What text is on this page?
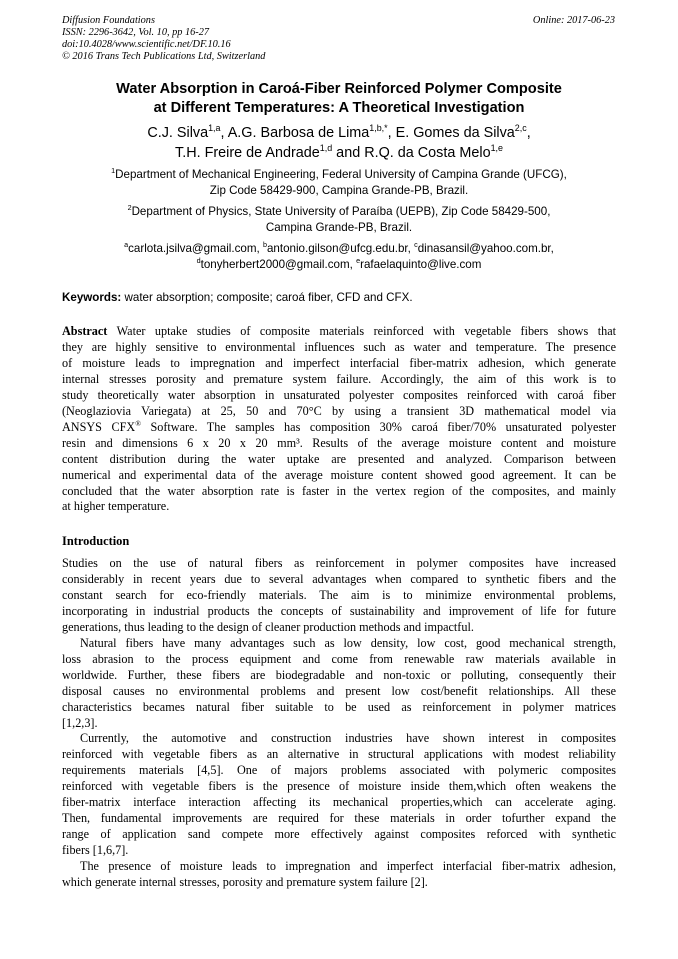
Diffusion Foundations
ISSN: 2296-3642, Vol. 10, pp 16-27
doi:10.4028/www.scientific.net/DF.10.16
© 2016 Trans Tech Publications Ltd, Switzerland
Online: 2017-06-23
Water Absorption in Caroá-Fiber Reinforced Polymer Composite
at Different Temperatures: A Theoretical Investigation
C.J. Silva$^{1,a}$, A.G. Barbosa de Lima$^{1,b,*}$, E. Gomes da Silva$^{2,c}$,
T.H. Freire de Andrade$^{1,d}$ and R.Q. da Costa Melo$^{1,e}$
$^1$Department of Mechanical Engineering, Federal University of Campina Grande (UFCG),
Zip Code 58429-900, Campina Grande-PB, Brazil.
$^2$Department of Physics, State University of Paraíba (UEPB), Zip Code 58429-500,
Campina Grande-PB, Brazil.
$^a$carlota.jsilva@gmail.com, $^b$antonio.gilson@ufcg.edu.br, $^c$dinasansil@yahoo.com.br,
$^d$tonyherbert2000@gmail.com, $^e$rafaelaquinto@live.com
Keywords: water absorption; composite; caroá fiber, CFD and CFX.
Abstract Water uptake studies of composite materials reinforced with vegetable fibers shows that
they are highly sensitive to environmental influences such as water and temperature. The presence
of moisture leads to impregnation and imperfect interfacial fiber-matrix adhesion, which generate
internal stresses porosity and premature system failure. Accordingly, the aim of this work is to
study theoretically water absorption in unsaturated polyester composites reinforced with caroá fiber
(Neoglaziovia Variegata) at 25, 50 and 70°C by using a transient 3D mathematical model via
ANSYS CFX® Software. The samples has composition 30% caroá fiber/70% unsaturated polyester
resin and dimensions 6 x 20 x 20 mm³. Results of the average moisture content and moisture
content distribution during the water uptake are presented and analyzed. Comparison between
numerical and experimental data of the average moisture content showed good agreement. It can be
concluded that the water absorption rate is faster in the vertex region of the composites, and mainly
at higher temperature.
Introduction
Studies on the use of natural fibers as reinforcement in polymer composites have increased
considerably in recent years due to several advantages when compared to synthetic fibers and the
constant search for eco-friendly materials. The aim is to minimize environmental problems,
incorporating in industrial products the concepts of sustainability and improvement of life for future
generations, thus leading to the design of cleaner production methods and impactful.
Natural fibers have many advantages such as low density, low cost, good mechanical strength,
loss abrasion to the process equipment and come from renewable raw materials available in
worldwide. Further, these fibers are biodegradable and non-toxic or polluting, consequently their
disposal causes no environmental problems and present low cost/benefit relationships. All these
characteristics becames natural fiber suitable to be used as reinforcement in polymer matrices
[1,2,3].
Currently, the automotive and construction industries have shown interest in composites
reinforced with vegetable fibers as an alternative in structural applications with modest reliability
requirements materials [4,5]. One of majors problems associated with polymeric composites
reinforced with vegetable fibers is the presence of moisture inside them,which often weakens the
fiber-matrix interface interaction affecting its mechanical properties,which can accelerate aging.
Then, fundamental improvements are required for these materials in order tofurther expand the
range of application sand compete more effectively against composites reforced with synthetic
fibers [1,6,7].
The presence of moisture leads to impregnation and imperfect interfacial fiber-matrix adhesion,
which generate internal stresses, porosity and premature system failure [2].
